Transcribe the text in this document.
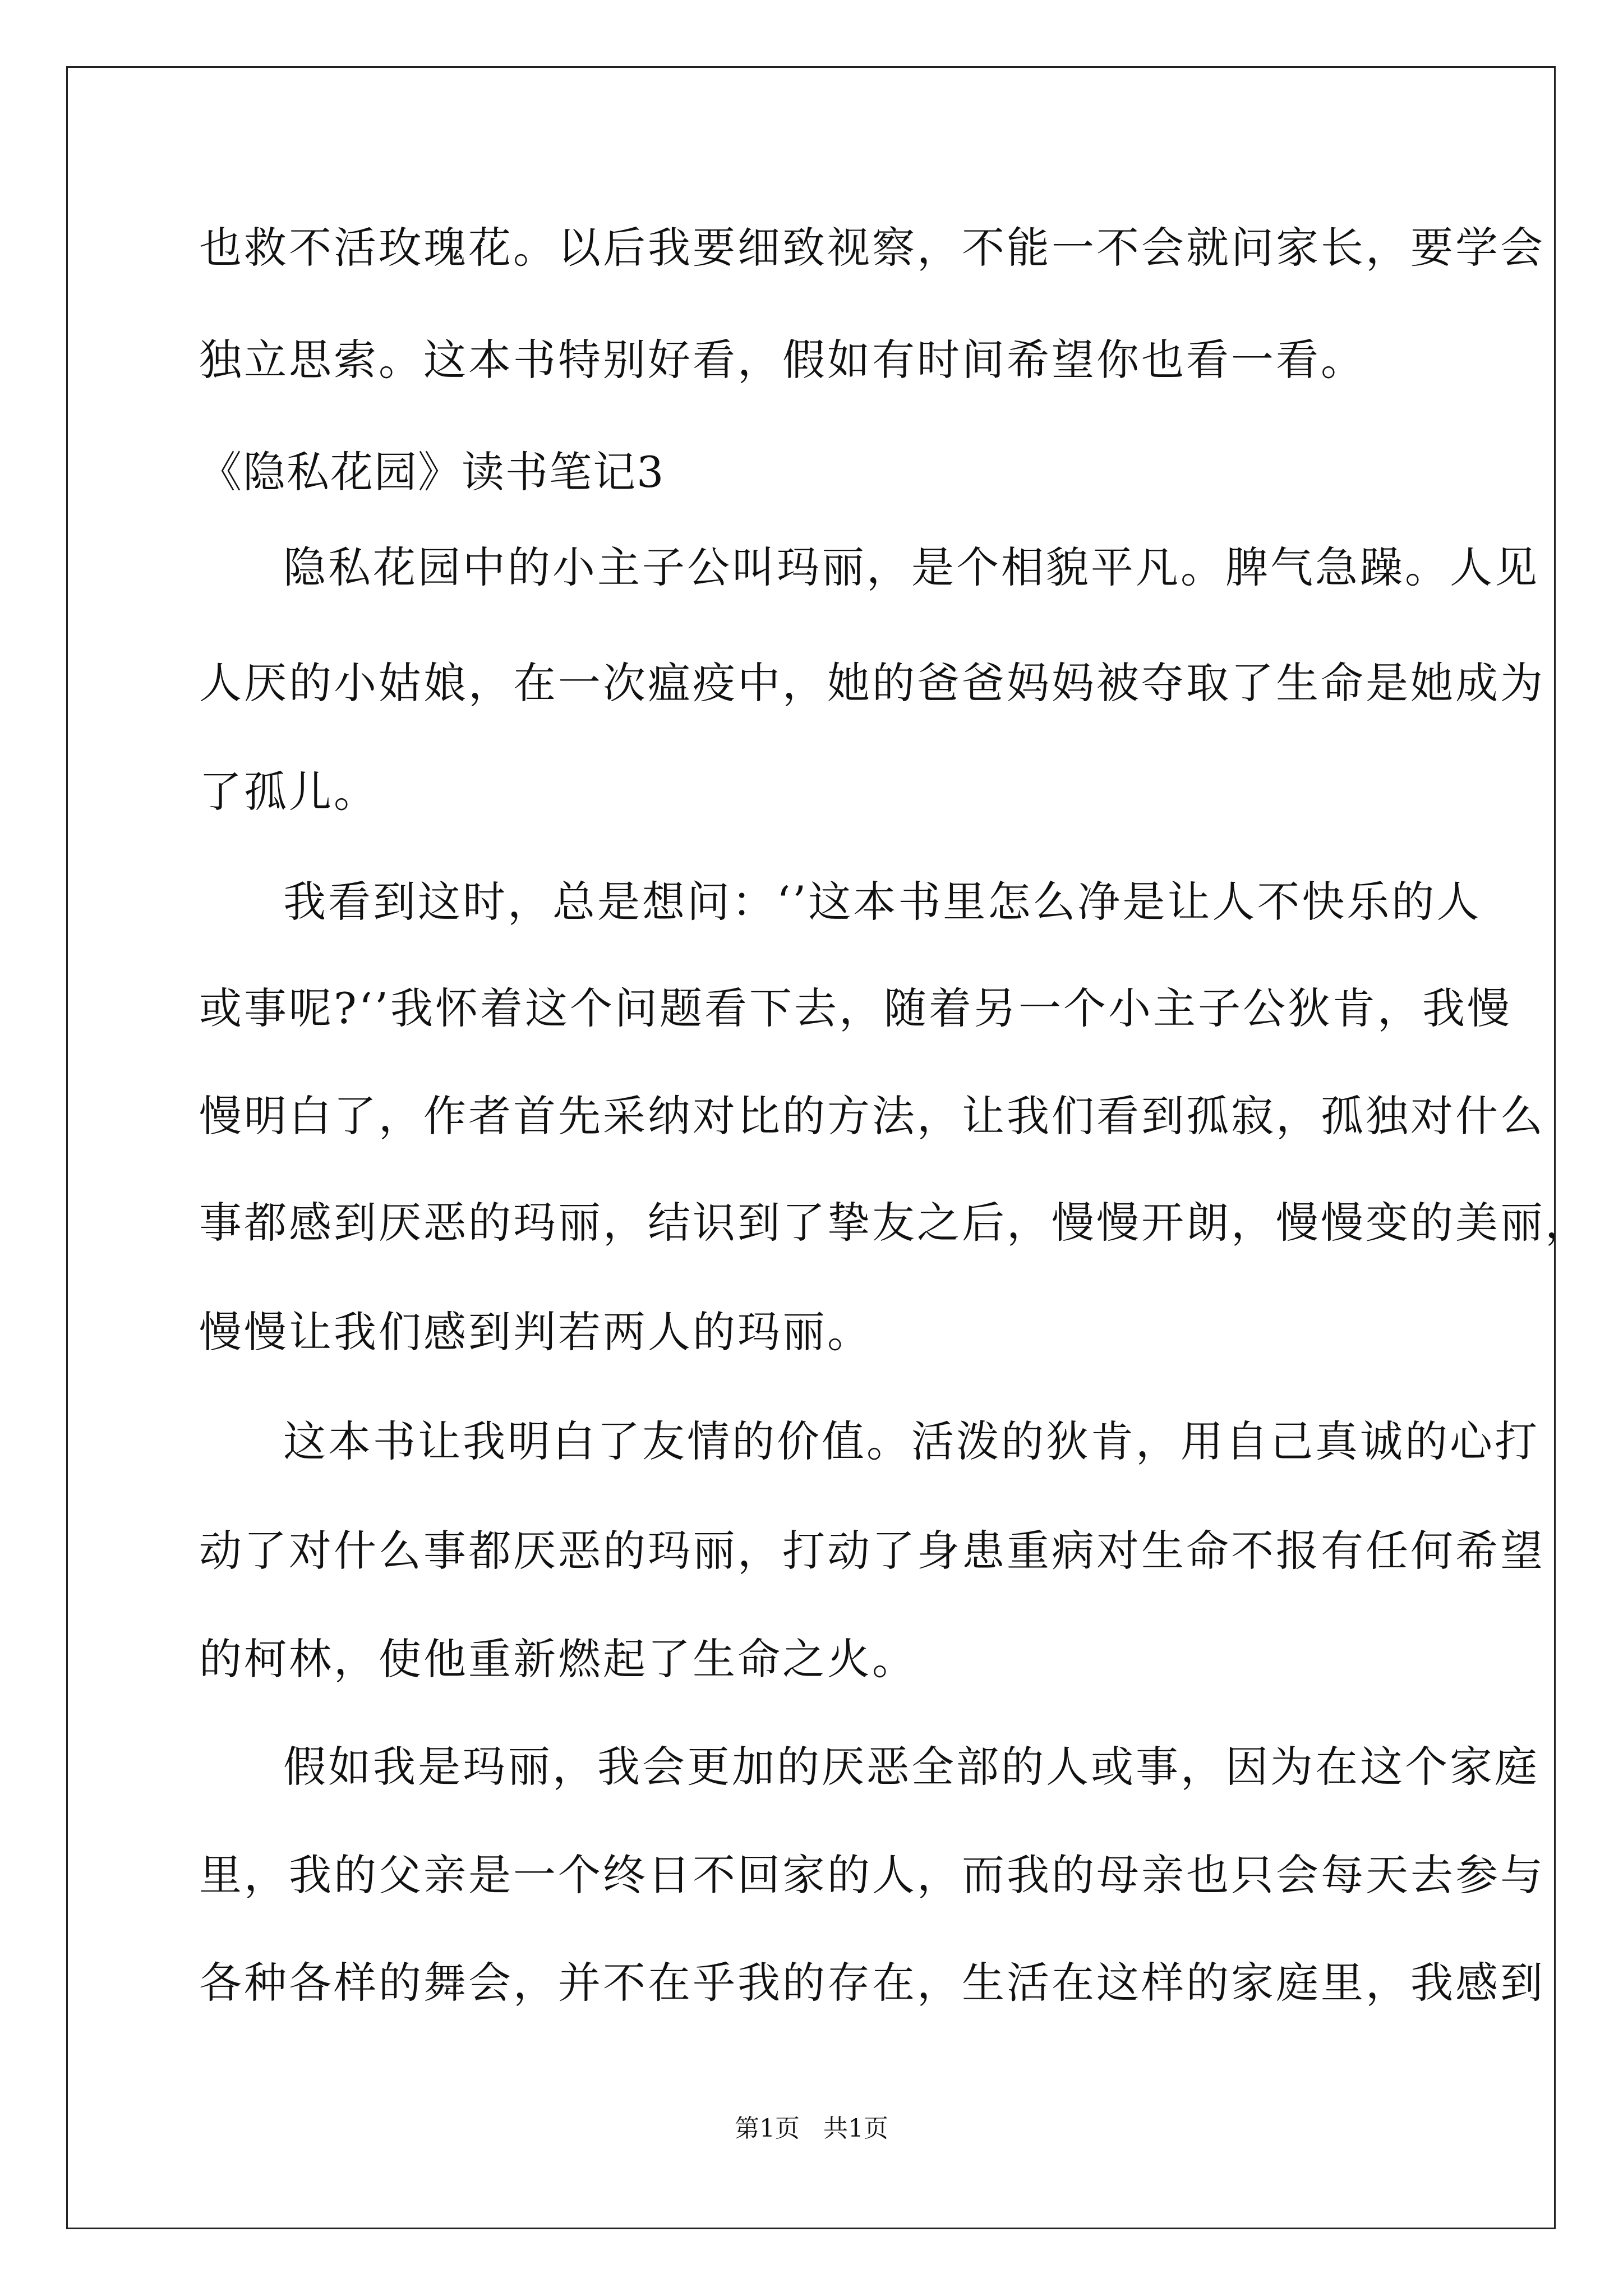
也救不活玫瑰花。以后我要细致视察，不能一不会就问家长，要学会
独立思索。这本书特别好看，假如有时间希望你也看一看。
《隐私花园》读书笔记3
隐私花园中的小主子公叫玛丽，是个相貌平凡。脾气急躁。人见
人厌的小姑娘，在一次瘟疫中，她的爸爸妈妈被夺取了生命是她成为
了孤儿。
我看到这时，总是想问：‘’这本书里怎么净是让人不快乐的人
或事呢?‘’我怀着这个问题看下去，随着另一个小主子公狄肯，我慢
慢明白了，作者首先采纳对比的方法，让我们看到孤寂，孤独对什么
事都感到厌恶的玛丽，结识到了挚友之后，慢慢开朗，慢慢变的美丽，
慢慢让我们感到判若两人的玛丽。
这本书让我明白了友情的价值。活泼的狄肯，用自己真诚的心打
动了对什么事都厌恶的玛丽，打动了身患重病对生命不报有任何希望
的柯林，使他重新燃起了生命之火。
假如我是玛丽，我会更加的厌恶全部的人或事，因为在这个家庭
里，我的父亲是一个终日不回家的人，而我的母亲也只会每天去参与
各种各样的舞会，并不在乎我的存在，生活在这样的家庭里，我感到
第1页   共1页
